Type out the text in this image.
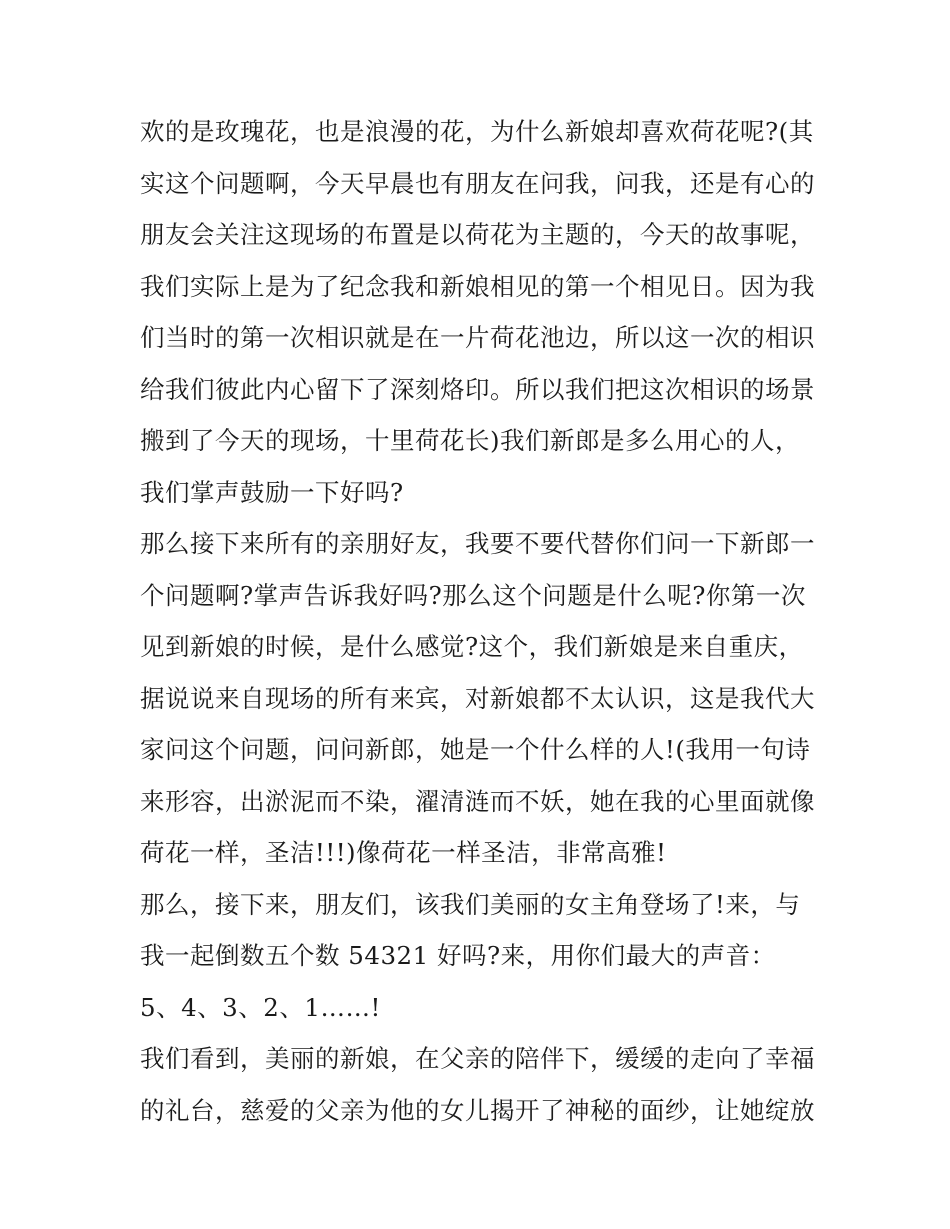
欢的是玫瑰花，也是浪漫的花，为什么新娘却喜欢荷花呢?(其
实这个问题啊，今天早晨也有朋友在问我，问我，还是有心的
朋友会关注这现场的布置是以荷花为主题的，今天的故事呢，
我们实际上是为了纪念我和新娘相见的第一个相见日。因为我
们当时的第一次相识就是在一片荷花池边，所以这一次的相识
给我们彼此内心留下了深刻烙印。所以我们把这次相识的场景
搬到了今天的现场，十里荷花长)我们新郎是多么用心的人，
我们掌声鼓励一下好吗?
那么接下来所有的亲朋好友，我要不要代替你们问一下新郎一
个问题啊?掌声告诉我好吗?那么这个问题是什么呢?你第一次
见到新娘的时候，是什么感觉?这个，我们新娘是来自重庆，
据说说来自现场的所有来宾，对新娘都不太认识，这是我代大
家问这个问题，问问新郎，她是一个什么样的人!(我用一句诗
来形容，出淤泥而不染，濯清涟而不妖，她在我的心里面就像
荷花一样，圣洁!!!)像荷花一样圣洁，非常高雅!
那么，接下来，朋友们，该我们美丽的女主角登场了!来，与
我一起倒数五个数 54321 好吗?来，用你们最大的声音：
5、4、3、2、1……!
我们看到，美丽的新娘，在父亲的陪伴下，缓缓的走向了幸福
的礼台，慈爱的父亲为他的女儿揭开了神秘的面纱，让她绽放
